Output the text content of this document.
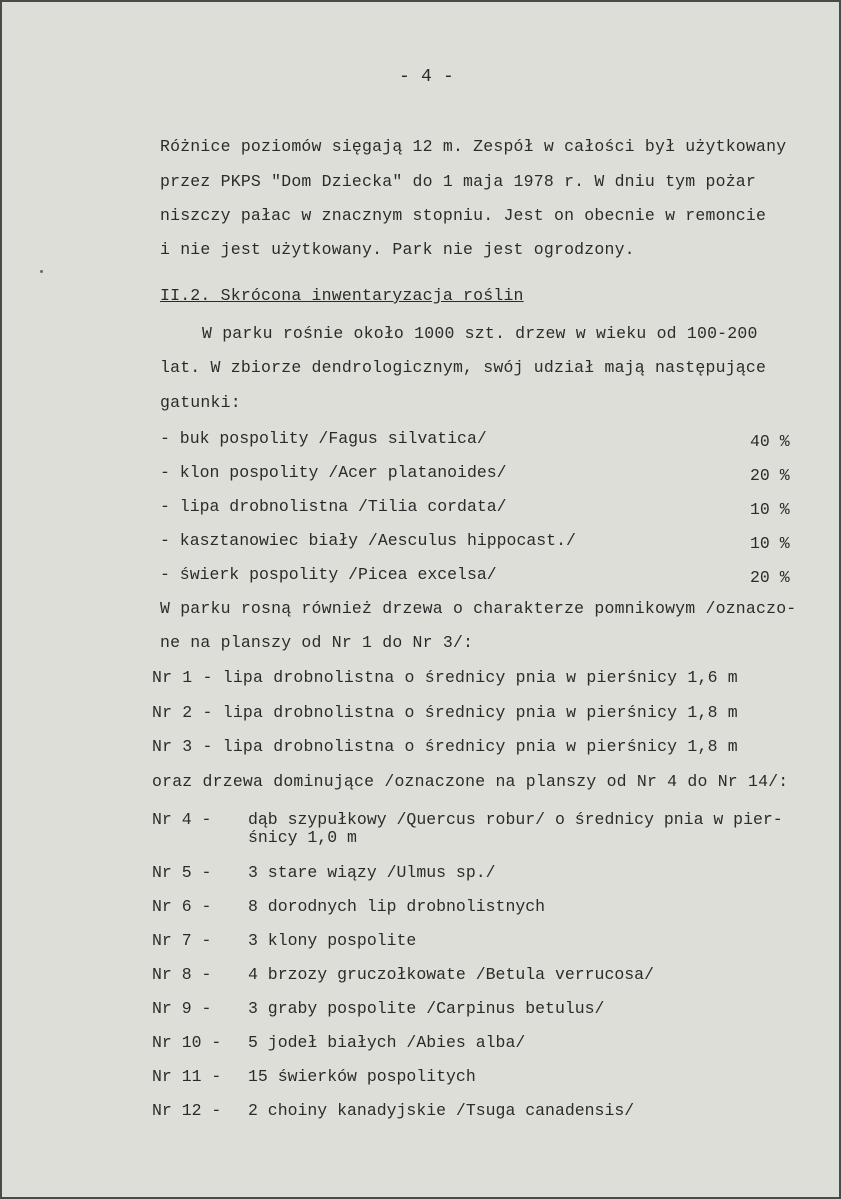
- 4 -
Różnice poziomów sięgają 12 m. Zespół w całości był użytkowany
przez PKPS "Dom Dziecka" do 1 maja 1978 r. W dniu tym pożar
niszczy pałac w znacznym stopniu. Jest on obecnie w remoncie
i nie jest użytkowany. Park nie jest ogrodzony.
II.2. Skrócona inwentaryzacja roślin
W parku rośnie około 1000 szt. drzew w wieku od 100-200
lat. W zbiorze dendrologicznym, swój udział mają następujące
gatunki:
- buk pospolity /Fagus silvatica/	40 %
- klon pospolity /Acer platanoides/	20 %
- lipa drobnolistna /Tilia cordata/	10 %
- kasztanowiec biały /Aesculus hippocast./	10 %
- świerk pospolity /Picea excelsa/	20 %
W parku rosną również drzewa o charakterze pomnikowym /oznaczo-
ne na planszy od Nr 1 do Nr 3/:
Nr 1 - lipa drobnolistna o średnicy pnia w pierśnicy 1,6 m
Nr 2 - lipa drobnolistna o średnicy pnia w pierśnicy 1,8 m
Nr 3 - lipa drobnolistna o średnicy pnia w pierśnicy 1,8 m
oraz drzewa dominujące /oznaczone na planszy od Nr 4 do Nr 14/:
Nr 4 - dąb szypułkowy /Quercus robur/ o średnicy pnia w pier-
śnicy 1,0 m
Nr 5 - 3 stare wiązy /Ulmus sp./
Nr 6 - 8 dorodnych lip drobnolistnych
Nr 7 - 3 klony pospolite
Nr 8 - 4 brzozy gruczołkowate /Betula verrucosa/
Nr 9 - 3 graby pospolite /Carpinus betulus/
Nr 10 - 5 jodeł białych /Abies alba/
Nr 11 - 15 świerków pospolitych
Nr 12 - 2 choiny kanadyjskie /Tsuga canadensis/
